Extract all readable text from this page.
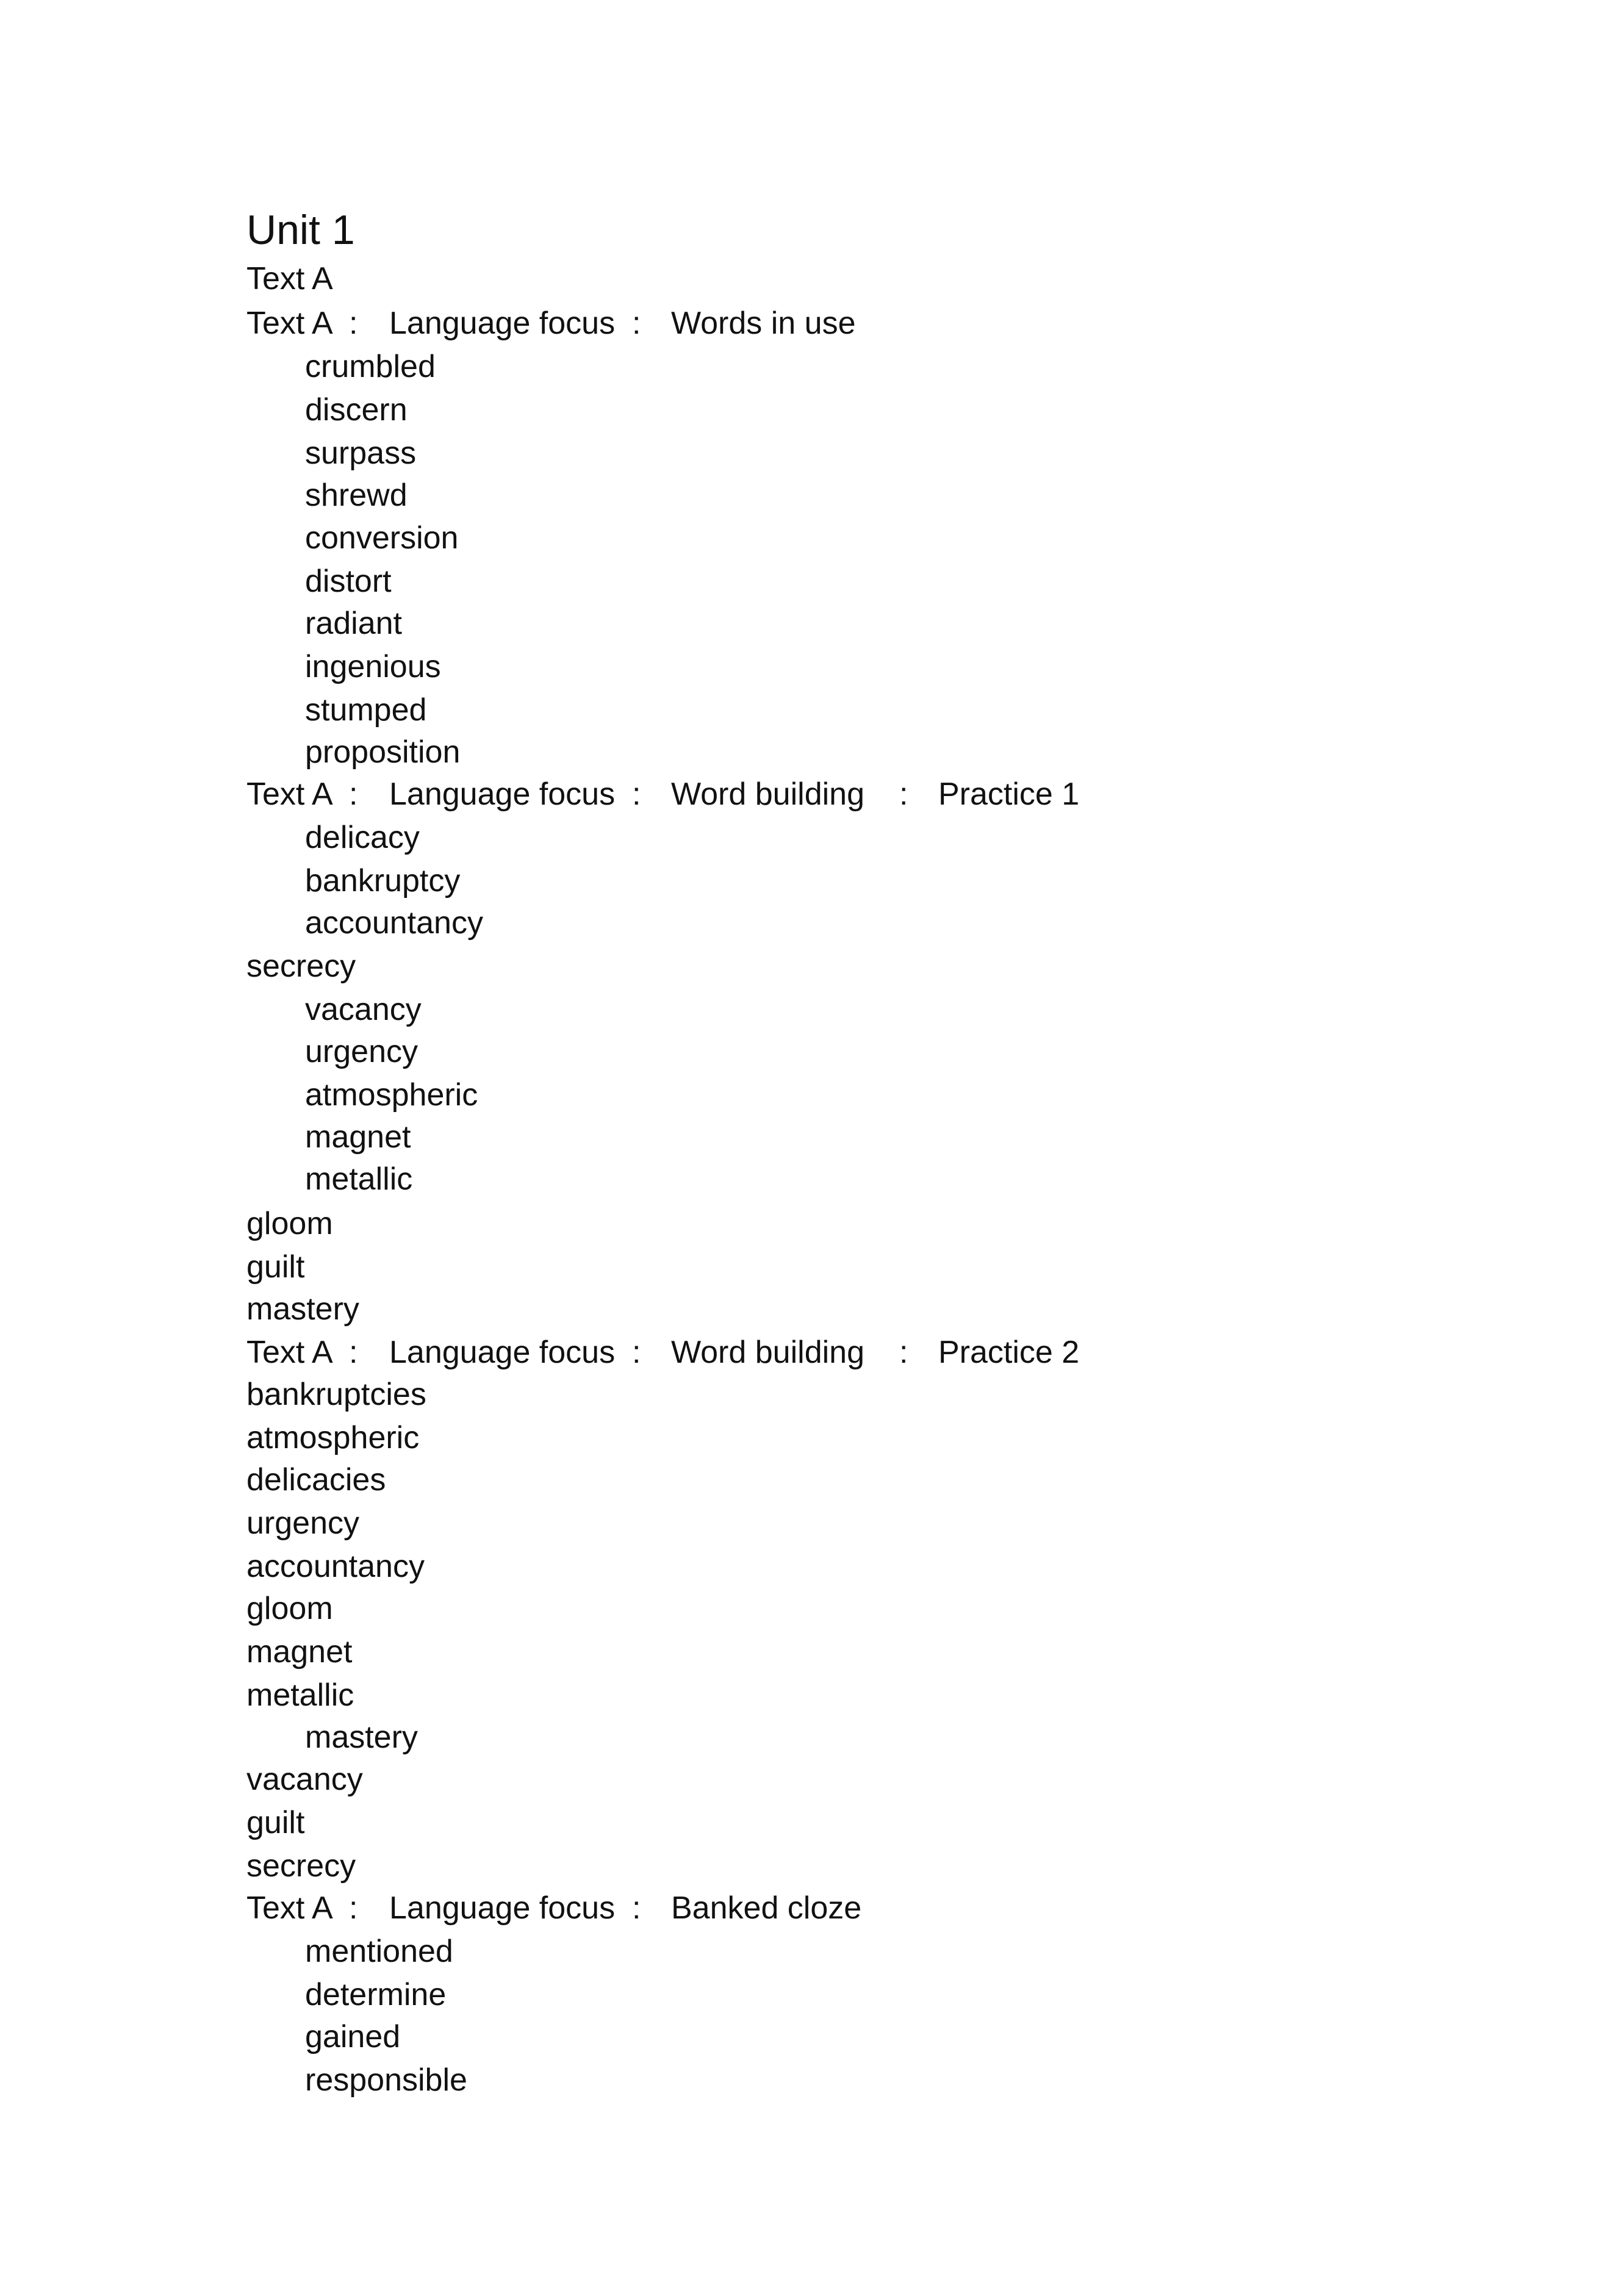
Unit 1
Text A
Text A : Language focus : Words in use
crumbled
discern
surpass
shrewd
conversion
distort
radiant
ingenious
stumped
proposition
Text A : Language focus : Word building : Practice 1
delicacy
bankruptcy
accountancy
secrecy
vacancy
urgency
atmospheric
magnet
metallic
gloom
guilt
mastery
Text A : Language focus : Word building : Practice 2
bankruptcies
atmospheric
delicacies
urgency
accountancy
gloom
magnet
metallic
mastery
vacancy
guilt
secrecy
Text A : Language focus : Banked cloze
mentioned
determine
gained
responsible
